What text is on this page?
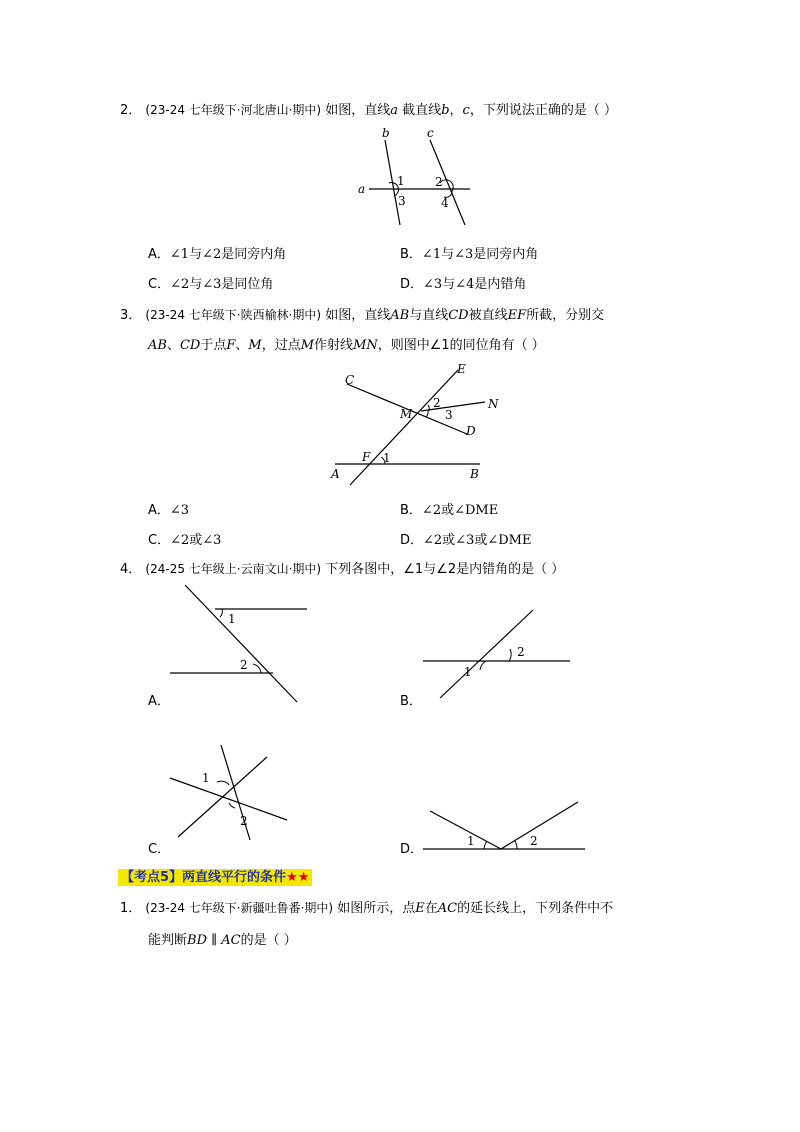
2． (23-24 七年级下·河北唐山·期中) 如图，直线a 截直线b，c，下列说法正确的是（ ）
b	c
a
1	2
3	4
A．∠1与∠2是同旁内角	B．∠1与∠3是同旁内角
C．∠2与∠3是同位角	D．∠3与∠4是内错角
3． (23-24 七年级下·陕西榆林·期中) 如图，直线AB与直线CD被直线EF所截，分别交
AB、CD于点F、M，过点M作射线MN，则图中∠1的同位角有（ ）
E
C
N
M
D
F
A	B
1
2
3
A．∠3	B．∠2或∠DME
C．∠2或∠3	D．∠2或∠3或∠DME
4． (24-25 七年级上·云南文山·期中) 下列各图中，∠1与∠2是内错角的是（ ）
1
2
A．
2
1
B．
1
2
C．
1	2
D．
【考点5】两直线平行的条件★★
1． (23-24 七年级下·新疆吐鲁番·期中) 如图所示，点E在AC的延长线上，下列条件中不
能判断BD ∥ AC的是（ ）
